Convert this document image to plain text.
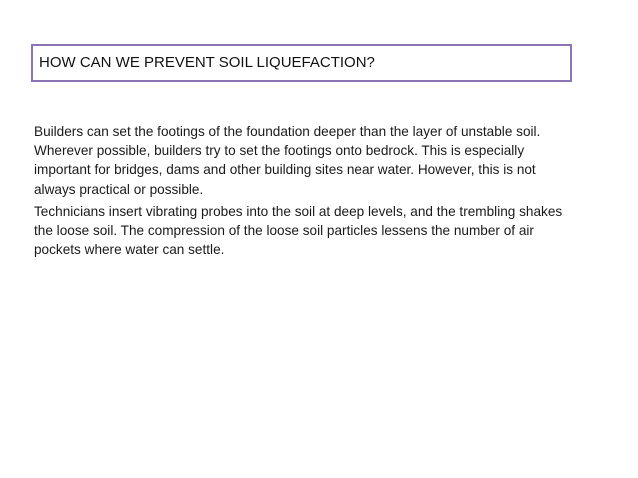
HOW CAN WE PREVENT SOIL LIQUEFACTION?

Builders can set the footings of the foundation deeper than the layer of unstable soil. Wherever possible, builders try to set the footings onto bedrock. This is especially important for bridges, dams and other building sites near water. However, this is not always practical or possible.

Technicians insert vibrating probes into the soil at deep levels, and the trembling shakes the loose soil. The compression of the loose soil particles lessens the number of air pockets where water can settle.
